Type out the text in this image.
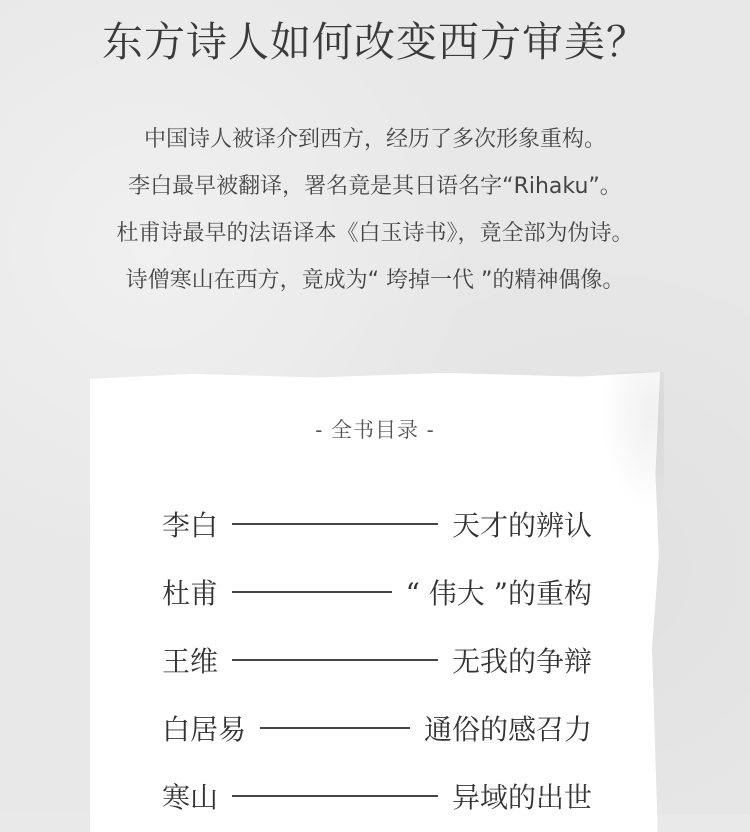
东方诗人如何改变西方审美？

中国诗人被译介到西方，经历了多次形象重构。

李白最早被翻译，署名竟是其日语名字“Rihaku”。

杜甫诗最早的法语译本《白玉诗书》，竟全部为伪诗。

诗僧寒山在西方，竟成为“ 垮掉一代 ”的精神偶像。

- 全书目录 -
李白	天才的辨认
杜甫	“ 伟大 ”的重构
王维	无我的争辩
白居易	通俗的感召力
寒山	异域的出世
